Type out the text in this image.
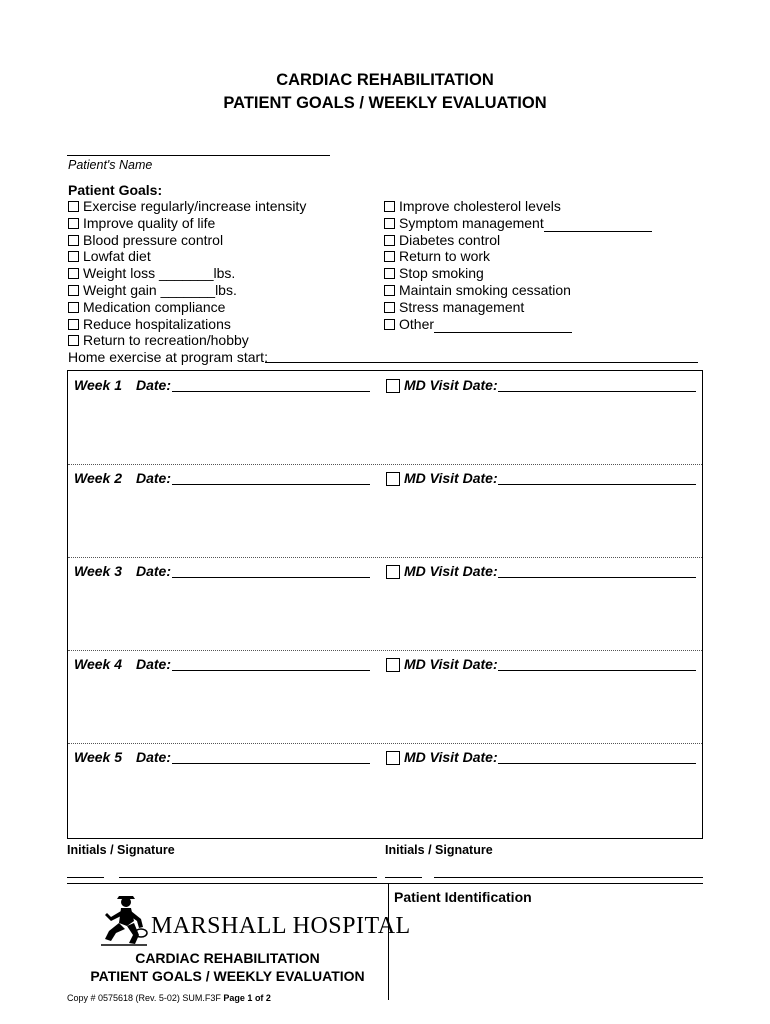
CARDIAC REHABILITATION
PATIENT GOALS / WEEKLY EVALUATION
Patient's Name
Patient Goals:
Exercise regularly/increase intensity
Improve quality of life
Blood pressure control
Lowfat diet
Weight loss _______lbs.
Weight gain _______lbs.
Medication compliance
Reduce hospitalizations
Return to recreation/hobby
Improve cholesterol levels
Symptom management
Diabetes control
Return to work
Stop smoking
Maintain smoking cessation
Stress management
Other
Home exercise at program start:
Week 1 Date:	MD Visit Date:
Week 2 Date:	MD Visit Date:
Week 3 Date:	MD Visit Date:
Week 4 Date:	MD Visit Date:
Week 5 Date:	MD Visit Date:
Initials / Signature	Initials / Signature
MARSHALL HOSPITAL
CARDIAC REHABILITATION
PATIENT GOALS / WEEKLY EVALUATION
Copy # 0575618 (Rev. 5-02) SUM.F3F Page 1 of 2
Patient Identification
